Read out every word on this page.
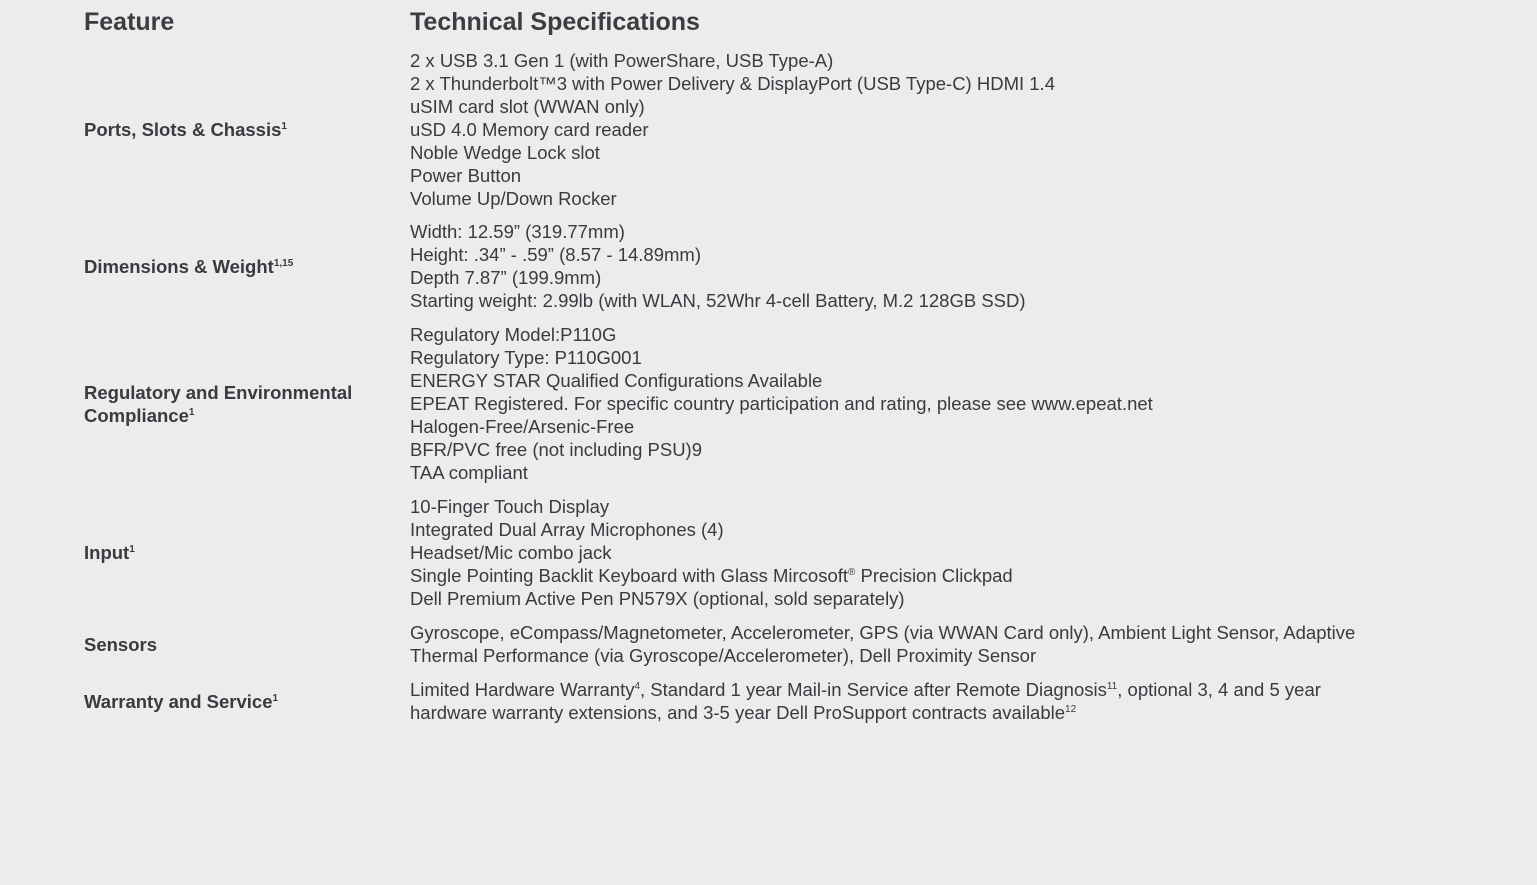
Feature	Technical Specifications
Ports, Slots & Chassis$^1$
2 x USB 3.1 Gen 1 (with PowerShare, USB Type-A)
2 x Thunderbolt™3 with Power Delivery & DisplayPort (USB Type-C) HDMI 1.4
uSIM card slot (WWAN only)
uSD 4.0 Memory card reader
Noble Wedge Lock slot
Power Button
Volume Up/Down Rocker
Dimensions & Weight$^{1,15}$
Width: 12.59” (319.77mm)
Height: .34” - .59” (8.57 - 14.89mm)
Depth 7.87” (199.9mm)
Starting weight: 2.99lb (with WLAN, 52Whr 4-cell Battery, M.2 128GB SSD)
Regulatory and Environmental
Compliance$^1$
Regulatory Model:P110G
Regulatory Type: P110G001
ENERGY STAR Qualified Configurations Available
EPEAT Registered. For specific country participation and rating, please see www.epeat.net
Halogen-Free/Arsenic-Free
BFR/PVC free (not including PSU)9
TAA compliant
Input$^1$
10-Finger Touch Display
Integrated Dual Array Microphones (4)
Headset/Mic combo jack
Single Pointing Backlit Keyboard with Glass Mircosoft® Precision Clickpad
Dell Premium Active Pen PN579X (optional, sold separately)
Sensors
Gyroscope, eCompass/Magnetometer, Accelerometer, GPS (via WWAN Card only), Ambient Light Sensor, Adaptive
Thermal Performance (via Gyroscope/Accelerometer), Dell Proximity Sensor
Warranty and Service$^1$	Limited Hardware Warranty$^4$, Standard 1 year Mail-in Service after Remote Diagnosis$^{11}$, optional 3, 4 and 5 year
hardware warranty extensions, and 3-5 year Dell ProSupport contracts available$^{12}$
